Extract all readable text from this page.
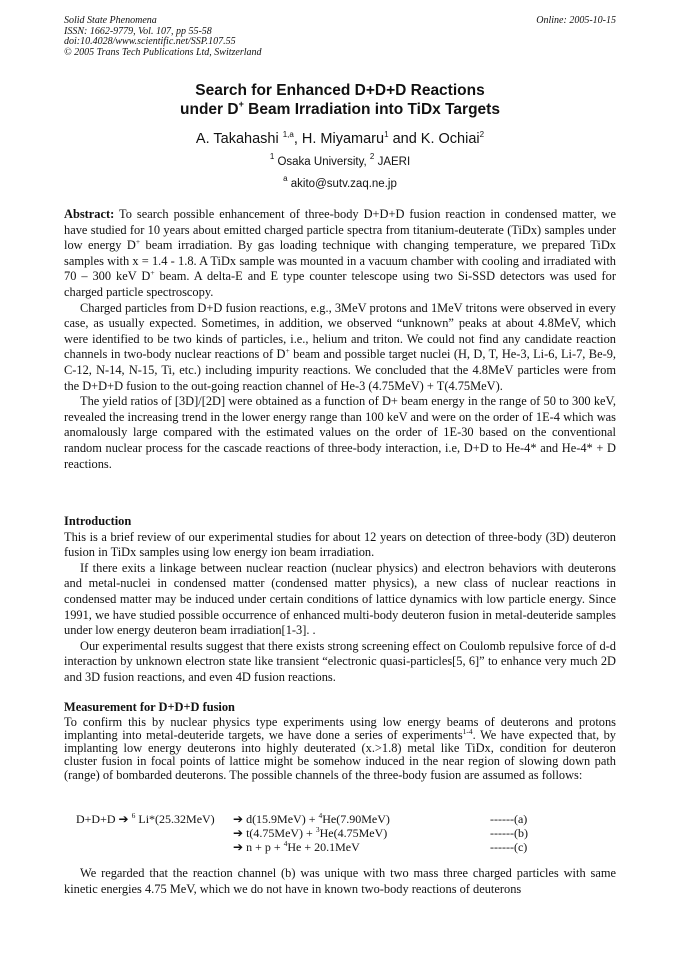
Solid State Phenomena	Online: 2005-10-15
ISSN: 1662-9779, Vol. 107, pp 55-58
doi:10.4028/www.scientific.net/SSP.107.55
© 2005 Trans Tech Publications Ltd, Switzerland
Search for Enhanced D+D+D Reactions
under D+ Beam Irradiation into TiDx Targets
A. Takahashi $^{1,a}$, H. Miyamaru$^1$ and K. Ochiai$^2$
$^1$ Osaka University, $^2$ JAERI
$^a$ akito@sutv.zaq.ne.jp

Abstract: To search possible enhancement of three-body D+D+D fusion reaction in condensed matter, we have studied for 10 years about emitted charged particle spectra from titanium-deuterate (TiDx) samples under low energy D+ beam irradiation. By gas loading technique with changing temperature, we prepared TiDx samples with x = 1.4 - 1.8. A TiDx sample was mounted in a vacuum chamber with cooling and irradiated with 70 – 300 keV D+ beam. A delta-E and E type counter telescope using two Si-SSD detectors was used for charged particle spectroscopy.

Charged particles from D+D fusion reactions, e.g., 3MeV protons and 1MeV tritons were observed in every case, as usually expected. Sometimes, in addition, we observed “unknown” peaks at about 4.8MeV, which were identified to be two kinds of particles, i.e., helium and triton. We could not find any candidate reaction channels in two-body nuclear reactions of D+ beam and possible target nuclei (H, D, T, He-3, Li-6, Li-7, Be-9, C-12, N-14, N-15, Ti, etc.) including impurity reactions. We concluded that the 4.8MeV particles were from the D+D+D fusion to the out-going reaction channel of He-3 (4.75MeV) + T(4.75MeV).

The yield ratios of [3D]/[2D] were obtained as a function of D+ beam energy in the range of 50 to 300 keV, revealed the increasing trend in the lower energy range than 100 keV and were on the order of 1E-4 which was anomalously large compared with the estimated values on the order of 1E-30 based on the conventional random nuclear process for the cascade reactions of three-body interaction, i.e, D+D to He-4* and He-4* + D reactions.

Introduction

This is a brief review of our experimental studies for about 12 years on detection of three-body (3D) deuteron fusion in TiDx samples using low energy ion beam irradiation.

If there exits a linkage between nuclear reaction (nuclear physics) and electron behaviors with deuterons and metal-nuclei in condensed matter (condensed matter physics), a new class of nuclear reactions in condensed matter may be induced under certain conditions of lattice dynamics with low particle energy. Since 1991, we have studied possible occurrence of enhanced multi-body deuteron fusion in metal-deuteride samples under low energy deuteron beam irradiation[1-3]. .

Our experimental results suggest that there exists strong screening effect on Coulomb repulsive force of d-d interaction by unknown electron state like transient “electronic quasi-particles[5, 6]” to enhance very much 2D and 3D fusion reactions, and even 4D fusion reactions.

Measurement for D+D+D fusion

To confirm this by nuclear physics type experiments using low energy beams of deuterons and protons implanting into metal-deuteride targets, we have done a series of experiments$^{1-4}$. We have expected that, by implanting low energy deuterons into highly deuterated (x.>1.8) metal like TiDx, condition for deuteron cluster fusion in focal points of lattice might be somehow induced in the near region of slowing down path (range) of bombarded deuterons. The possible channels of the three-body fusion are assumed as follows:

D+D+D ➔ $^6$ Li*(25.32MeV) ➔ d(15.9MeV) + $^4$He(7.90MeV)	------(a)
➔ t(4.75MeV) + $^3$He(4.75MeV)	------(b)
➔ n + p + $^4$He + 20.1MeV	------(c)

We regarded that the reaction channel (b) was unique with two mass three charged particles with same kinetic energies 4.75 MeV, which we do not have in known two-body reactions of deuterons
